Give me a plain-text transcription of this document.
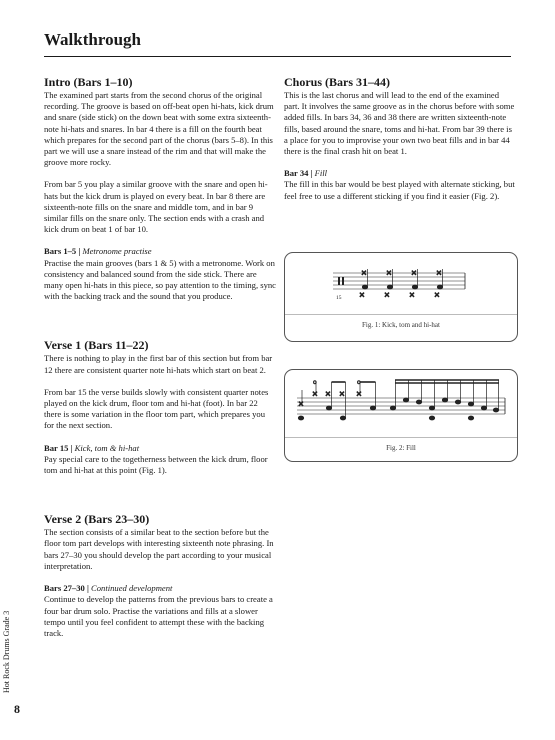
Walkthrough
Intro (Bars 1–10)

The examined part starts from the second chorus of the original recording. The groove is based on off-beat open hi-hats, kick drum and snare (side stick) on the down beat with some extra sixteenth-note hi-hats and snares. In bar 4 there is a fill on the fourth beat which prepares for the second part of the chorus (bars 5–8). In this part we will use a snare instead of the rim and that will make the groove more rocky.

From bar 5 you play a similar groove with the snare and open hi-hats but the kick drum is played on every beat. In bar 8 there are sixteenth-note fills on the snare and middle tom, and in bar 9 similar fills on the snare only. The section ends with a crash and kick drum on beat 1 of bar 10.

Bars 1–5 | Metronome practise

Practise the main grooves (bars 1 & 5) with a metronome. Work on consistency and balanced sound from the side stick. There are many open hi-hats in this piece, so pay attention to the timing, sync with the backing track and the sound that you produce.

Verse 1 (Bars 11–22)

There is nothing to play in the first bar of this section but from bar 12 there are consistent quarter note hi-hats which start on beat 2.

From bar 15 the verse builds slowly with consistent quarter notes played on the kick drum, floor tom and hi-hat (foot). In bar 22 there is some variation in the floor tom part, which prepares you for the next section.

Bar 15 | Kick, tom & hi-hat

Pay special care to the togetherness between the kick drum, floor tom and hi-hat at this point (Fig. 1).

Verse 2 (Bars 23–30)

The section consists of a similar beat to the section before but the floor tom part develops with interesting sixteenth note phrasing. In bars 27–30 you should develop the part according to your musical interpretation.

Bars 27–30 | Continued development

Continue to develop the patterns from the previous bars to create a four bar drum solo. Practise the variations and fills at a slower tempo until you feel confident to attempt these with the backing track.

Chorus (Bars 31–44)

This is the last chorus and will lead to the end of the examined part. It involves the same groove as in the chorus before with some added fills. In bars 34, 36 and 38 there are written sixteenth-note fills, based around the snare, toms and hi-hat. From bar 39 there is a place for you to improvise your own two beat fills and in bar 44 there is the final crash hit on beat 1.

Bar 34 | Fill

The fill in this bar would be best played with alternate sticking, but feel free to use a different sticking if you find it easier (Fig. 2).

×
×
×
×
×
×
×
×
15
Fig. 1: Kick, tom and hi-hat
×
×
o
× × ×
o
Fig. 2: Fill
Hot Rock Drums Grade 3
8
